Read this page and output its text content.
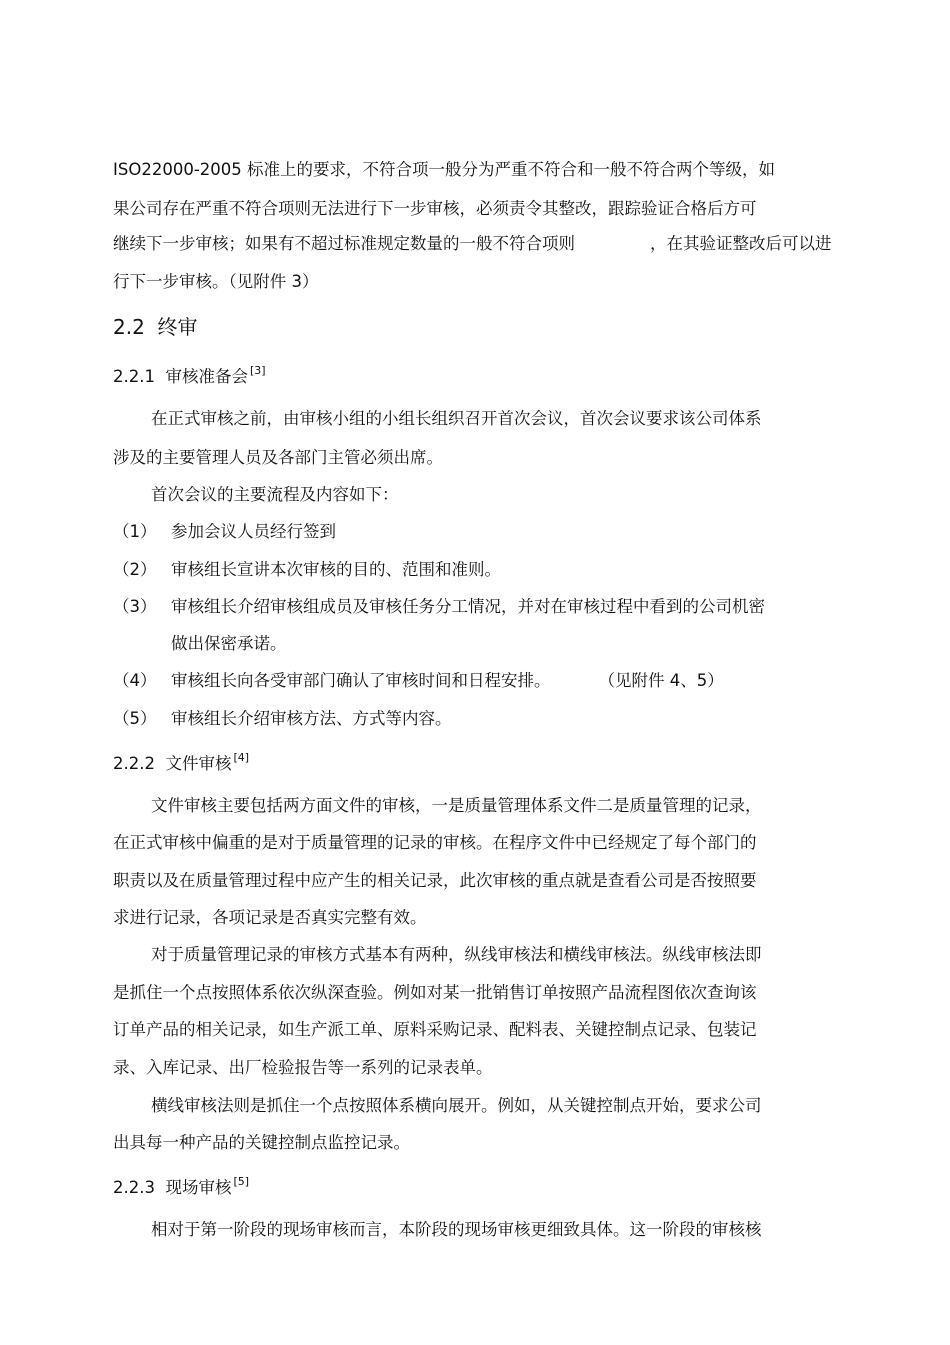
ISO22000-2005 标准上的要求，不符合项一般分为严重不符合和一般不符合两个等级，如
果公司存在严重不符合项则无法进行下一步审核，必须责令其整改，跟踪验证合格后方可
继续下一步审核；如果有不超过标准规定数量的一般不符合项则	，在其验证整改后可以进
行下一步审核。（见附件 3）
2.2 终审
2.2.1 审核准备会 [3]
在正式审核之前，由审核小组的小组长组织召开首次会议，首次会议要求该公司体系
涉及的主要管理人员及各部门主管必须出席。
首次会议的主要流程及内容如下：
（1） 参加会议人员经行签到
（2） 审核组长宣讲本次审核的目的、范围和准则。
（3） 审核组长介绍审核组成员及审核任务分工情况，并对在审核过程中看到的公司机密
做出保密承诺。
（4） 审核组长向各受审部门确认了审核时间和日程安排。	（见附件 4、5）
（5） 审核组长介绍审核方法、方式等内容。
2.2.2 文件审核 [4]
文件审核主要包括两方面文件的审核，一是质量管理体系文件二是质量管理的记录，
在正式审核中偏重的是对于质量管理的记录的审核。在程序文件中已经规定了每个部门的
职责以及在质量管理过程中应产生的相关记录，此次审核的重点就是查看公司是否按照要
求进行记录，各项记录是否真实完整有效。
对于质量管理记录的审核方式基本有两种，纵线审核法和横线审核法。纵线审核法即
是抓住一个点按照体系依次纵深查验。例如对某一批销售订单按照产品流程图依次查询该
订单产品的相关记录，如生产派工单、原料采购记录、配料表、关键控制点记录、包装记
录、入库记录、出厂检验报告等一系列的记录表单。
横线审核法则是抓住一个点按照体系横向展开。例如，从关键控制点开始，要求公司
出具每一种产品的关键控制点监控记录。
2.2.3 现场审核 [5]
相对于第一阶段的现场审核而言，本阶段的现场审核更细致具体。这一阶段的审核核
